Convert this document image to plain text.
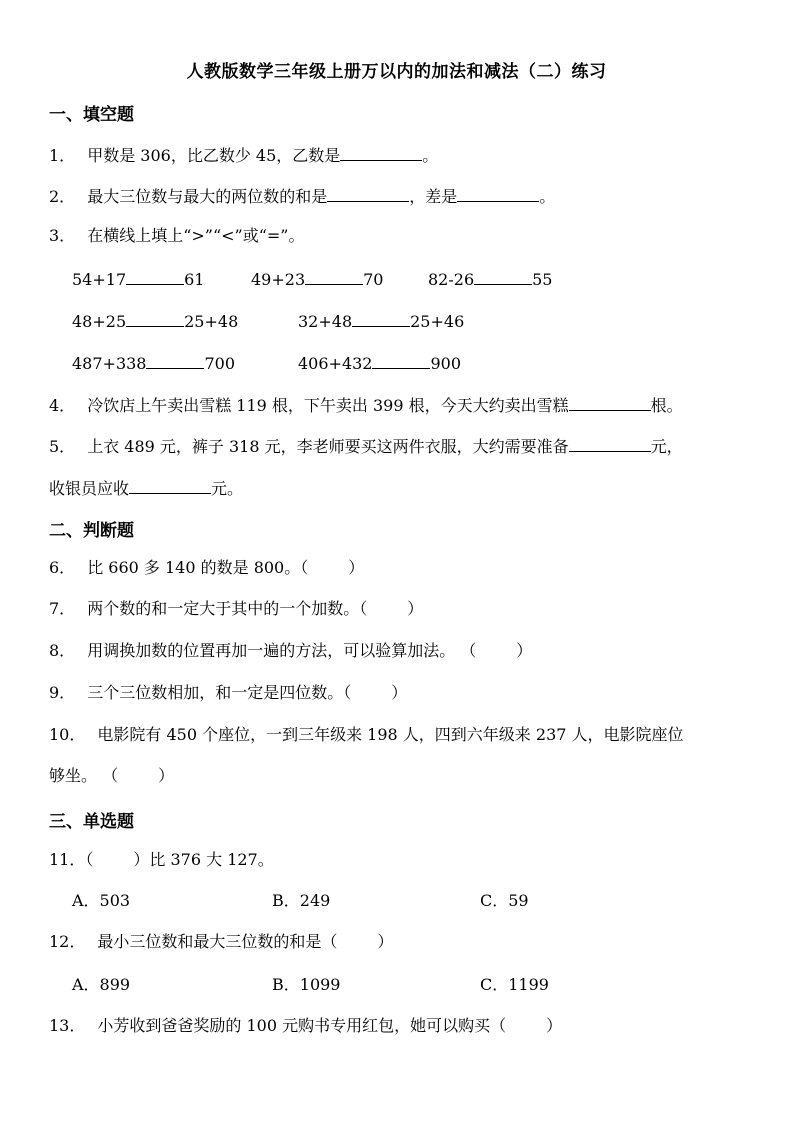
人教版数学三年级上册万以内的加法和减法（二）练习
一、填空题
1． 甲数是 306，比乙数少 45，乙数是	。
2． 最大三位数与最大的两位数的和是	，差是	。
3． 在横线上填上“>”“<”或“=”。
54+17	61	49+23	70	82-26	55
48+25	25+48	32+48	25+46
487+338	700	406+432	900
4． 冷饮店上午卖出雪糕 119 根，下午卖出 399 根，今天大约卖出雪糕	根。
5． 上衣 489 元，裤子 318 元，李老师要买这两件衣服，大约需要准备	元，
收银员应收	元。
二、判断题
6． 比 660 多 140 的数是 800。（	）
7． 两个数的和一定大于其中的一个加数。（	）
8． 用调换加数的位置再加一遍的方法，可以验算加法。 （	）
9． 三个三位数相加，和一定是四位数。（	）
10． 电影院有 450 个座位，一到三年级来 198 人，四到六年级来 237 人，电影院座位
够坐。 （	）
三、单选题
11．（	）比 376 大 127。
A．503	B．249	C．59
12． 最小三位数和最大三位数的和是（	）
A．899	B．1099	C．1199
13． 小芳收到爸爸奖励的 100 元购书专用红包，她可以购买（	）
